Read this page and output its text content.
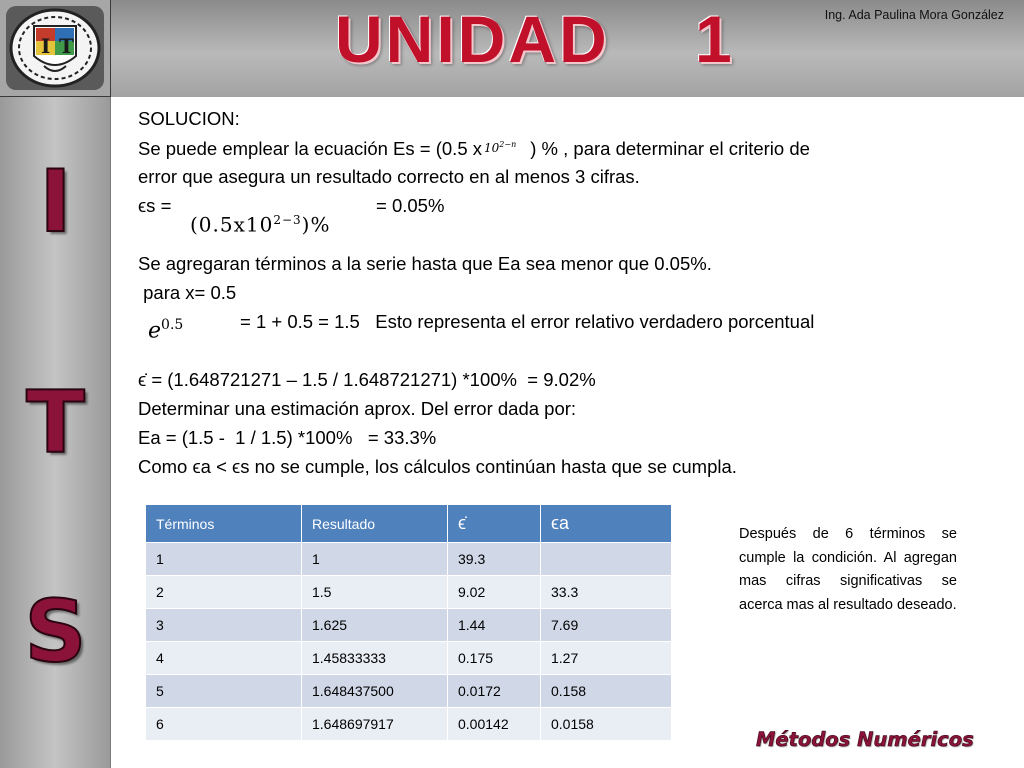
I T	UNIDAD    1	Ing. Ada Paulina Mora González
I
T
S
SOLUCION:
Se puede emplear la ecuación Es = (0.5 x $10^{2-n}$ ) % , para determinar el criterio de
error que asegura un resultado correcto en al menos 3 cifras.
ϵs =	= 0.05%
$(0.5x10^{2-3})\%$
Se agregaran términos a la serie hasta que Ea sea menor que 0.05%.
para x= 0.5
$e^{0.5}$	= 1 + 0.5 = 1.5   Esto representa el error relativo verdadero porcentual
ϵ̇ = (1.648721271 – 1.5 / 1.648721271) *100%  = 9.02%
Determinar una estimación aprox. Del error dada por:
Ea = (1.5 -  1 / 1.5) *100%   = 33.3%
Como ϵa < ϵs no se cumple, los cálculos continúan hasta que se cumpla.
Términos	Resultado	ϵ̇	ϵa
1	1	39.3	
2	1.5	9.02	33.3
3	1.625	1.44	7.69
4	1.45833333	0.175	1.27
5	1.648437500	0.0172	0.158
6	1.648697917	0.00142	0.0158
Después de 6 términos se cumple la condición. Al agregan mas cifras significativas se acerca mas al resultado deseado.
Métodos Numéricos
